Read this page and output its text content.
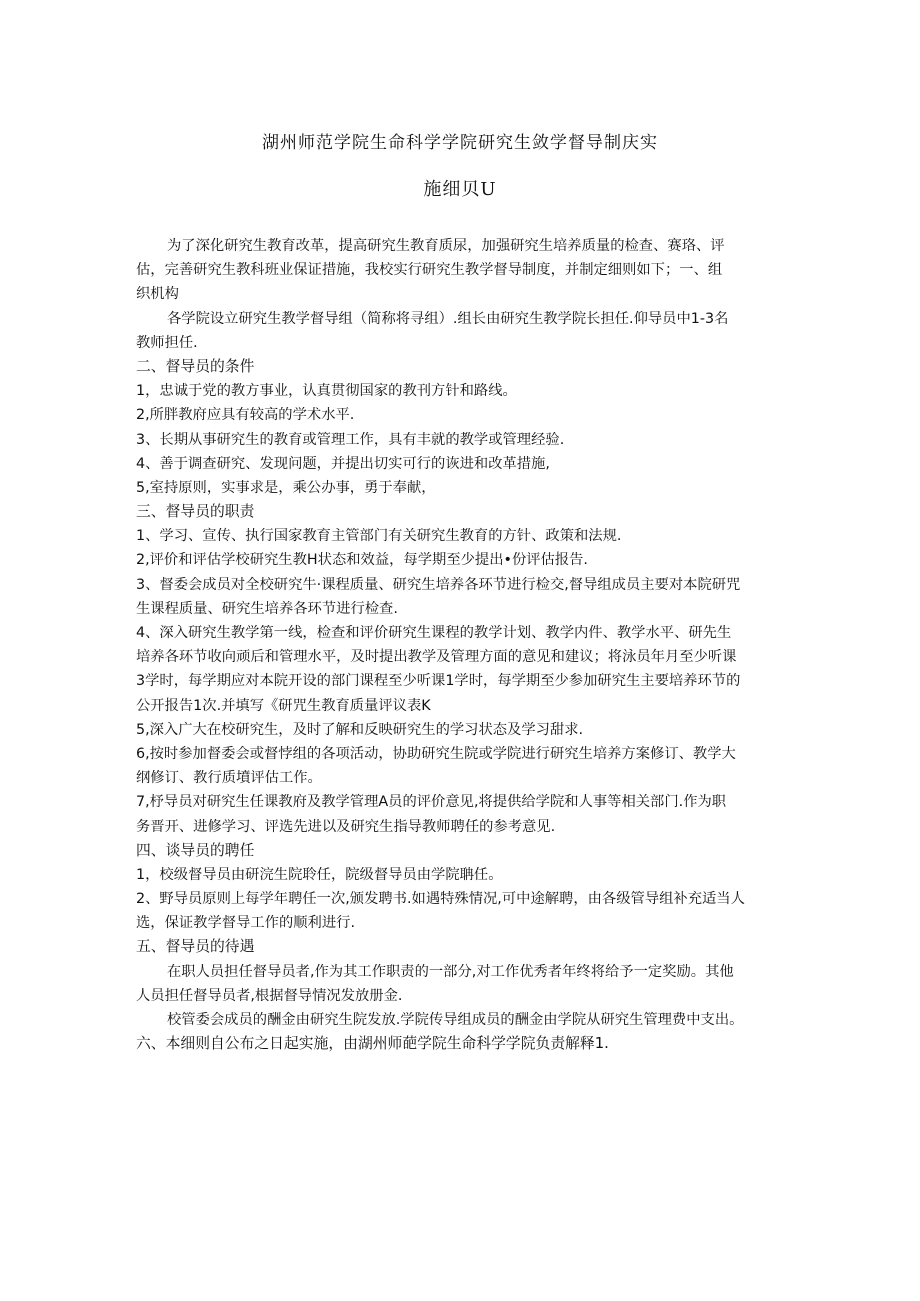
湖州师范学院生命科学学院研究生敛学督导制庆实
施细贝U
为了深化研究生教育改革，提高研究生教育质尿，加强研究生培养质量的检查、赛珞、评
估，完善研究生教科班业保证措施，我校实行研究生教学督导制度，并制定细则如下；一、组
织机构
各学院设立研究生教学督导组（简称将寻组）.组长由研究生教学院长担任.仰导员中1-3名
教师担任.
二、督导员的条件
1，忠诚于党的教方事业，认真贯彻国家的教刊方针和路线。
2,所胖教府应具有较高的学术水平.
3、长期从事研究生的教育或管理工作，具有丰就的教学或管理经验.
4、善于调查研究、发现问题，并提出切实可行的诙进和改革措施,
5,室持原则，实事求是，乘公办事，勇于奉献，
三、督导员的职责
1、学习、宣传、执行国家教育主管部门有关研究生教育的方针、政策和法规.
2,评价和评估学校研究生教H状态和效益，每学期至少提出•份评估报告.
3、督委会成员对全校研究牛·课程质量、研究生培养各环节进行检交,督导组成员主要对本院研咒
生课程质量、研究生培养各环节进行检查.
4、深入研究生教学第一线，检查和评价研究生课程的教学计划、教学内件、教学水平、研先生
培养各环节收向顽后和管理水平，及时提出教学及管理方面的意见和建议；将泳员年月至少听课
3学时，每学期应对本院开设的部门课程至少听课1学时，每学期至少参加研究生主要培养环节的
公开报告1次.并填写《研咒生教育质量评议表K
5,深入广大在校研究生，及时了解和反映研究生的学习状态及学习甜求.
6,按时参加督委会或督悖组的各项活动，协助研究生院或学院进行研究生培养方案修订、教学大
纲修订、教行质墳评估工作。
7,杼导员对研究生任课教府及教学管理A员的评价意见,将提供给学院和人事等相关部门.作为职
务晋开、进修学习、评选先进以及研究生指导教师聘任的参考意见.
四、谈导员的聘任
1，校级督导员由研浣生院聆任，院级督导员由学院聃任。
2、野导员原则上每学年聘任一次,颁发聘书.如遇特殊情况,可中途解聘，由各级管导组补充适当人
选，保证教学督导工作的顺利进行.
五、督导员的待遇
在职人员担任督导员者,作为其工作职责的一部分,对工作优秀者年终将给予一定奖励。其他
人员担任督导员者,根据督导情况发放册金.
校管委会成员的酬金由研究生院发放.学院传导组成员的酬金由学院从研究生管理费中支出。
六、本细则自公布之日起实施，由湖州师葩学院生命科学学院负责解释1.
